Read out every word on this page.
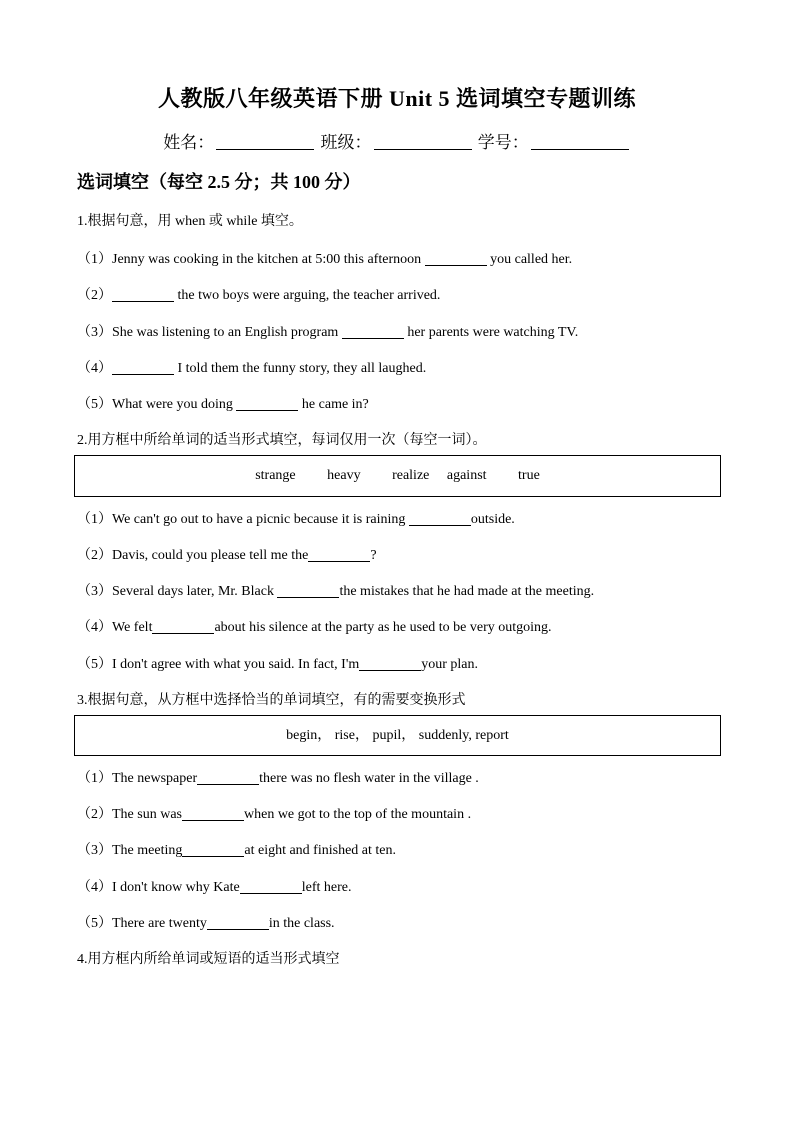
人教版八年级英语下册 Unit 5 选词填空专题训练
姓名：	班级：	学号：
选词填空（每空 2.5 分；共 100 分）
1.根据句意，用 when 或 while 填空。
（1）Jenny was cooking in the kitchen at 5:00 this afternoon	you called her.
（2）	the two boys were arguing, the teacher arrived.
（3）She was listening to an English program	her parents were watching TV.
（4）	I told them the funny story, they all laughed.
（5）What were you doing	he came in?
2.用方框中所给单词的适当形式填空，每词仅用一次（每空一词）。
strange heavy realize against true
（1）We can't go out to have a picnic because it is raining	outside.
（2）Davis, could you please tell me the	?
（3）Several days later, Mr. Black	the mistakes that he had made at the meeting.
（4）We felt	about his silence at the party as he used to be very outgoing.
（5）I don't agree with what you said. In fact, I'm	your plan.
3.根据句意，从方框中选择恰当的单词填空，有的需要变换形式
begin， rise， pupil， suddenly, report
（1）The newspaper	there was no flesh water in the village .
（2）The sun was	when we got to the top of the mountain .
（3）The meeting	at eight and finished at ten.
（4）I don't know why Kate	left here.
（5）There are twenty	in the class.
4.用方框内所给单词或短语的适当形式填空
